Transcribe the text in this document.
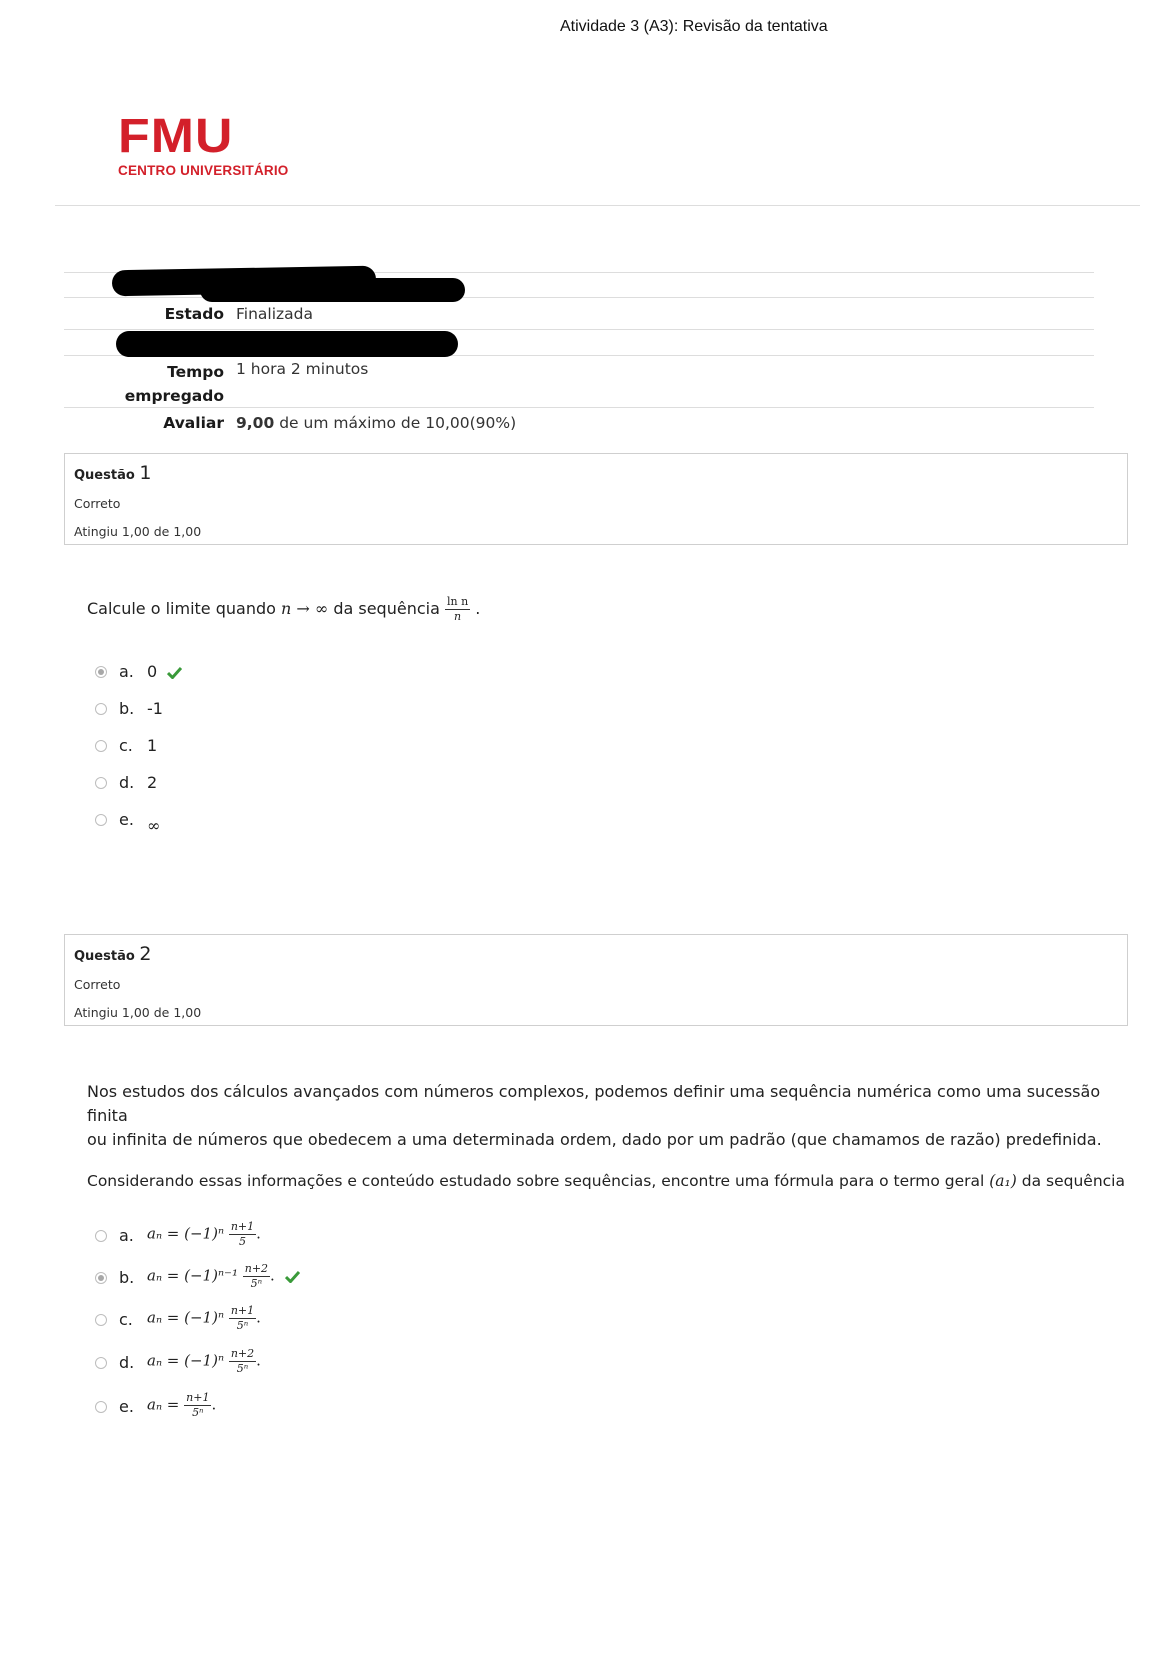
Atividade 3 (A3): Revisão da tentativa
FMU
CENTRO UNIVERSITÁRIO
Estado Finalizada
Tempo
empregado
1 hora 2 minutos
Avaliar 9,00 de um máximo de 10,00(90%)
Questão 1
Correto
Atingiu 1,00 de 1,00
Calcule o limite quando n → ∞ da sequência $\frac{\text{ln n}}{n}$ .
a. 0
b. -1
c. 1
d. 2
e. ∞
Questão 2
Correto
Atingiu 1,00 de 1,00
Nos estudos dos cálculos avançados com números complexos, podemos definir uma sequência numérica como uma sucessão finita
ou infinita de números que obedecem a uma determinada ordem, dado por um padrão (que chamamos de razão) predefinida.
Considerando essas informações e conteúdo estudado sobre sequências, encontre uma fórmula para o termo geral (a₁) da sequência
a. $a_n = (-1)^n \frac{n+1}{5}$ .
b. $a_n = (-1)^{n-1} \frac{n+2}{\text{5ⁿ}}$ .
c. $a_n = (-1)^n \frac{n+1}{\text{5ⁿ}}$ .
d. $a_n = (-1)^n \frac{n+2}{\text{5ⁿ}}$ .
e. $a_n = \frac{n+1}{\text{5ⁿ}}$ .
